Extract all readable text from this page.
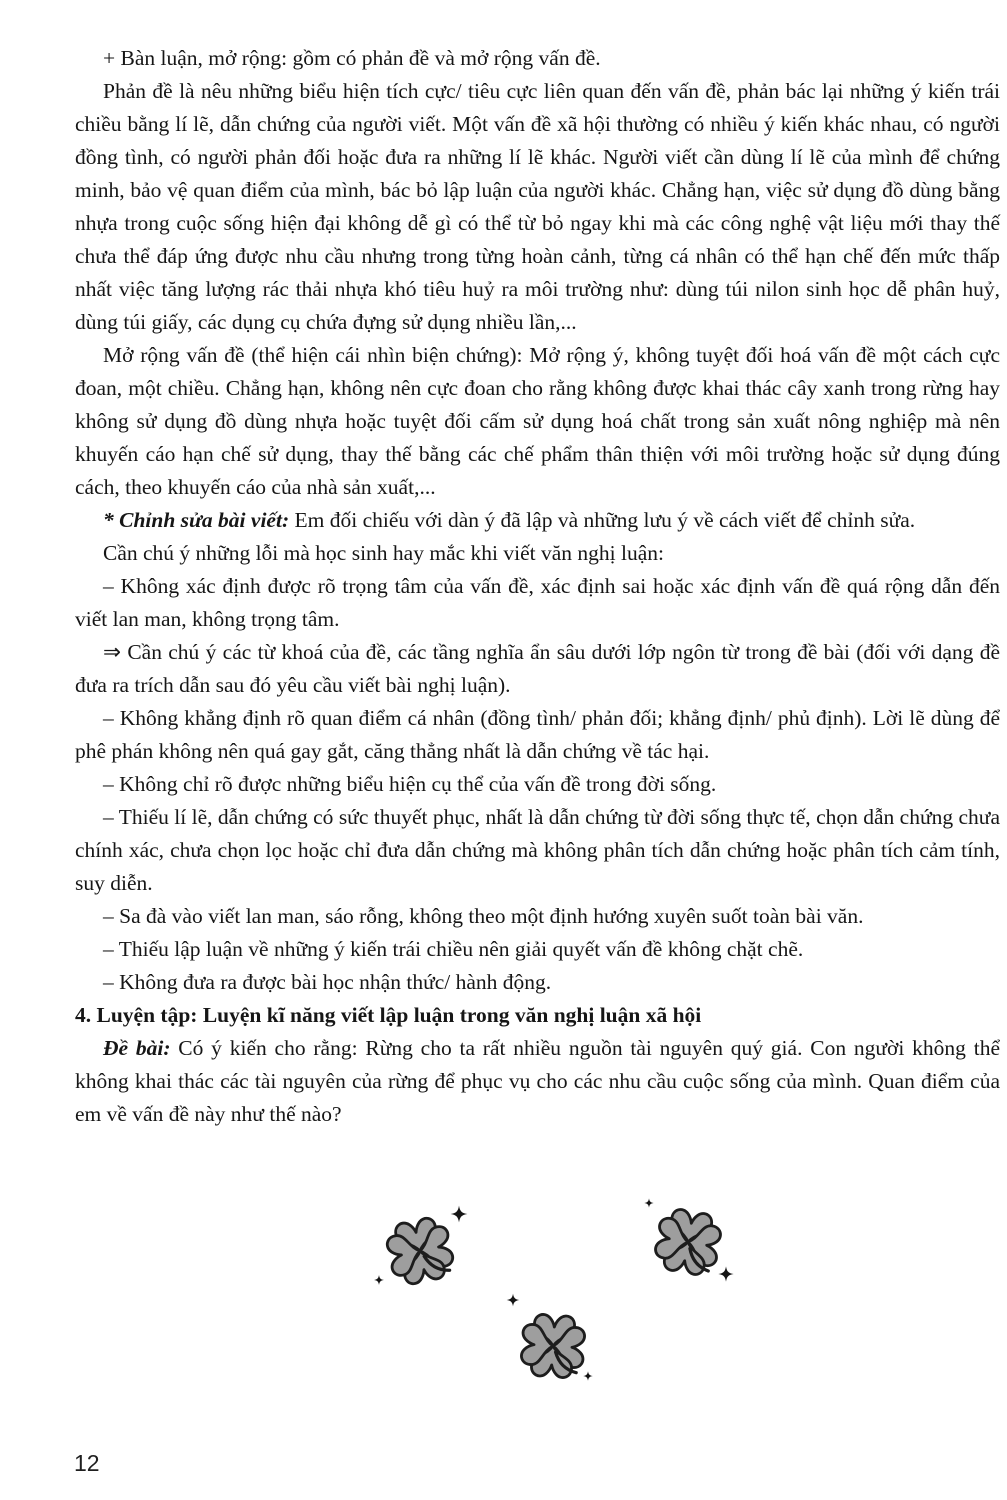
+ Bàn luận, mở rộng: gồm có phản đề và mở rộng vấn đề.

Phản đề là nêu những biểu hiện tích cực/ tiêu cực liên quan đến vấn đề, phản bác lại những ý kiến trái chiều bằng lí lẽ, dẫn chứng của người viết. Một vấn đề xã hội thường có nhiều ý kiến khác nhau, có người đồng tình, có người phản đối hoặc đưa ra những lí lẽ khác. Người viết cần dùng lí lẽ của mình để chứng minh, bảo vệ quan điểm của mình, bác bỏ lập luận của người khác. Chẳng hạn, việc sử dụng đồ dùng bằng nhựa trong cuộc sống hiện đại không dễ gì có thể từ bỏ ngay khi mà các công nghệ vật liệu mới thay thế chưa thể đáp ứng được nhu cầu nhưng trong từng hoàn cảnh, từng cá nhân có thể hạn chế đến mức thấp nhất việc tăng lượng rác thải nhựa khó tiêu huỷ ra môi trường như: dùng túi nilon sinh học dễ phân huỷ, dùng túi giấy, các dụng cụ chứa đựng sử dụng nhiều lần,...

Mở rộng vấn đề (thể hiện cái nhìn biện chứng): Mở rộng ý, không tuyệt đối hoá vấn đề một cách cực đoan, một chiều. Chẳng hạn, không nên cực đoan cho rằng không được khai thác cây xanh trong rừng hay không sử dụng đồ dùng nhựa hoặc tuyệt đối cấm sử dụng hoá chất trong sản xuất nông nghiệp mà nên khuyến cáo hạn chế sử dụng, thay thế bằng các chế phẩm thân thiện với môi trường hoặc sử dụng đúng cách, theo khuyến cáo của nhà sản xuất,...

* Chỉnh sửa bài viết: Em đối chiếu với dàn ý đã lập và những lưu ý về cách viết để chỉnh sửa.

Cần chú ý những lỗi mà học sinh hay mắc khi viết văn nghị luận:

– Không xác định được rõ trọng tâm của vấn đề, xác định sai hoặc xác định vấn đề quá rộng dẫn đến viết lan man, không trọng tâm.

⇒ Cần chú ý các từ khoá của đề, các tầng nghĩa ẩn sâu dưới lớp ngôn từ trong đề bài (đối với dạng đề đưa ra trích dẫn sau đó yêu cầu viết bài nghị luận).

– Không khẳng định rõ quan điểm cá nhân (đồng tình/ phản đối; khẳng định/ phủ định). Lời lẽ dùng để phê phán không nên quá gay gắt, căng thẳng nhất là dẫn chứng về tác hại.

– Không chỉ rõ được những biểu hiện cụ thể của vấn đề trong đời sống.

– Thiếu lí lẽ, dẫn chứng có sức thuyết phục, nhất là dẫn chứng từ đời sống thực tế, chọn dẫn chứng chưa chính xác, chưa chọn lọc hoặc chỉ đưa dẫn chứng mà không phân tích dẫn chứng hoặc phân tích cảm tính, suy diễn.

– Sa đà vào viết lan man, sáo rỗng, không theo một định hướng xuyên suốt toàn bài văn.

– Thiếu lập luận về những ý kiến trái chiều nên giải quyết vấn đề không chặt chẽ.

– Không đưa ra được bài học nhận thức/ hành động.

4. Luyện tập: Luyện kĩ năng viết lập luận trong văn nghị luận xã hội

Đề bài: Có ý kiến cho rằng: Rừng cho ta rất nhiều nguồn tài nguyên quý giá. Con người không thể không khai thác các tài nguyên của rừng để phục vụ cho các nhu cầu cuộc sống của mình. Quan điểm của em về vấn đề này như thế nào?

12
